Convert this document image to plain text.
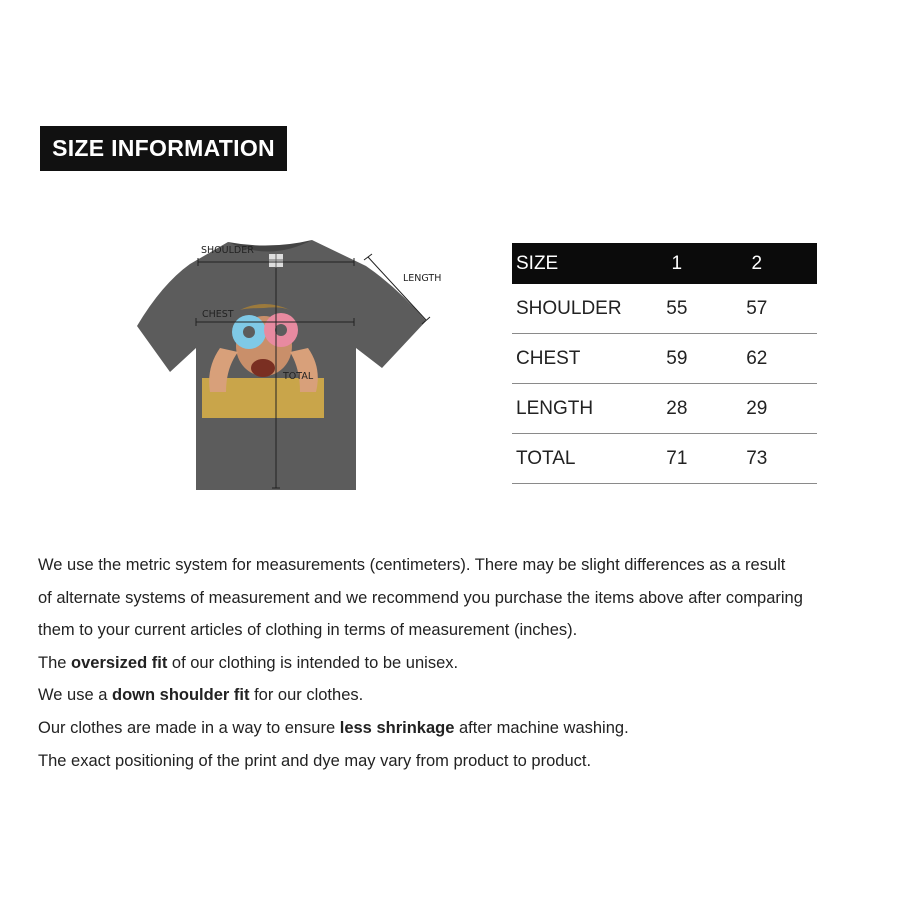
SIZE INFORMATION
SHOULDER
CHEST
TOTAL
LENGTH
SIZE	1	2
SHOULDER	55	57
CHEST	59	62
LENGTH	28	29
TOTAL	71	73

We use the metric system for measurements (centimeters). There may be slight differences as a result

of alternate systems of measurement and we recommend you purchase the items above after comparing

them to your current articles of clothing in terms of measurement (inches).

The oversized fit of our clothing is intended to be unisex.

We use a down shoulder fit for our clothes.

Our clothes are made in a way to ensure less shrinkage after machine washing.

The exact positioning of the print and dye may vary from product to product.
